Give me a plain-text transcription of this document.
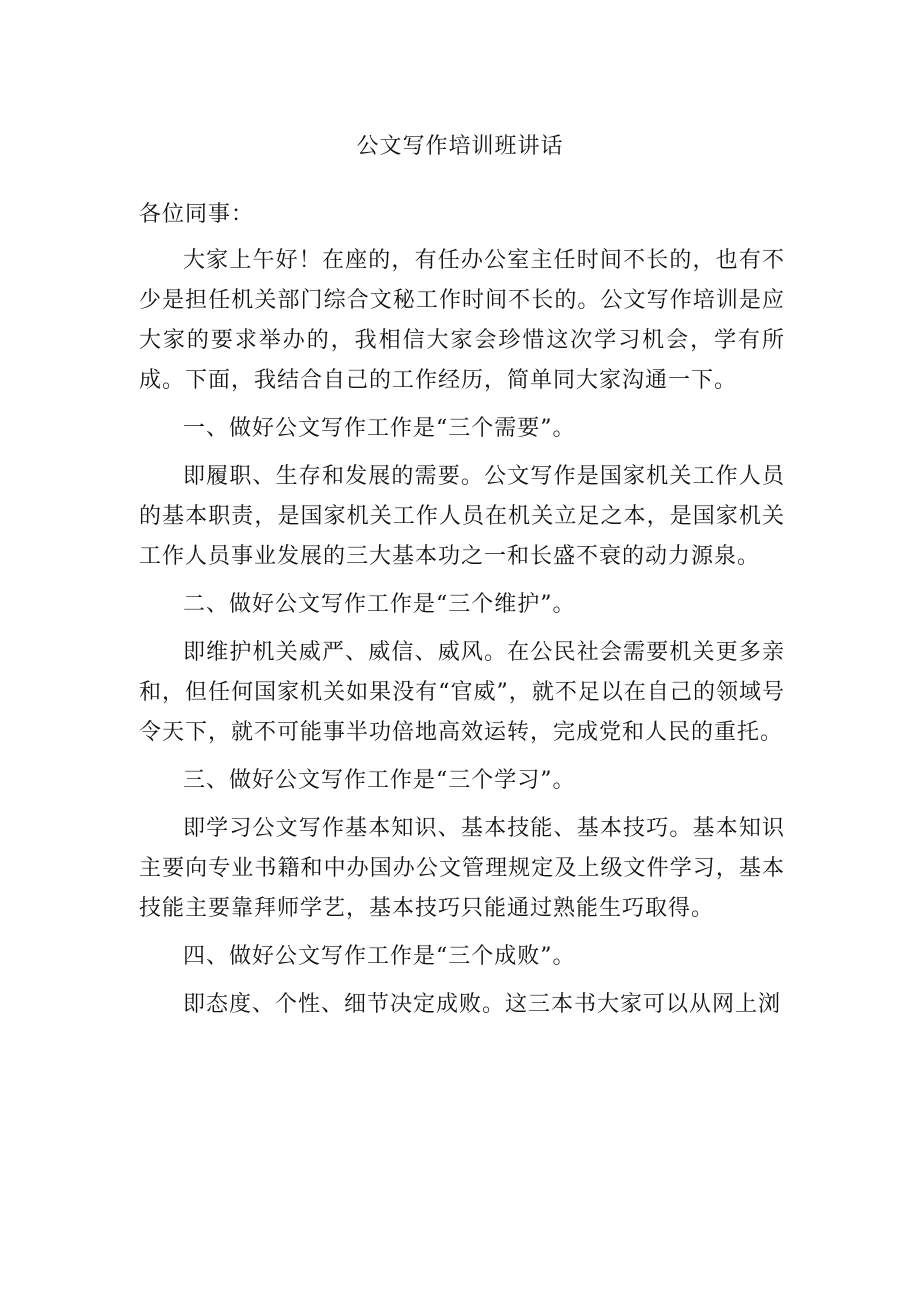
公文写作培训班讲话

各位同事：

大家上午好！在座的，有任办公室主任时间不长的，也有不少是担任机关部门综合文秘工作时间不长的。公文写作培训是应大家的要求举办的，我相信大家会珍惜这次学习机会，学有所成。下面，我结合自己的工作经历，简单同大家沟通一下。

一、做好公文写作工作是“三个需要”。

即履职、生存和发展的需要。公文写作是国家机关工作人员的基本职责，是国家机关工作人员在机关立足之本，是国家机关工作人员事业发展的三大基本功之一和长盛不衰的动力源泉。

二、做好公文写作工作是“三个维护”。

即维护机关威严、威信、威风。在公民社会需要机关更多亲和，但任何国家机关如果没有“官威”，就不足以在自己的领域号令天下，就不可能事半功倍地高效运转，完成党和人民的重托。

三、做好公文写作工作是“三个学习”。

即学习公文写作基本知识、基本技能、基本技巧。基本知识主要向专业书籍和中办国办公文管理规定及上级文件学习，基本技能主要靠拜师学艺，基本技巧只能通过熟能生巧取得。

四、做好公文写作工作是“三个成败”。

即态度、个性、细节决定成败。这三本书大家可以从网上浏
